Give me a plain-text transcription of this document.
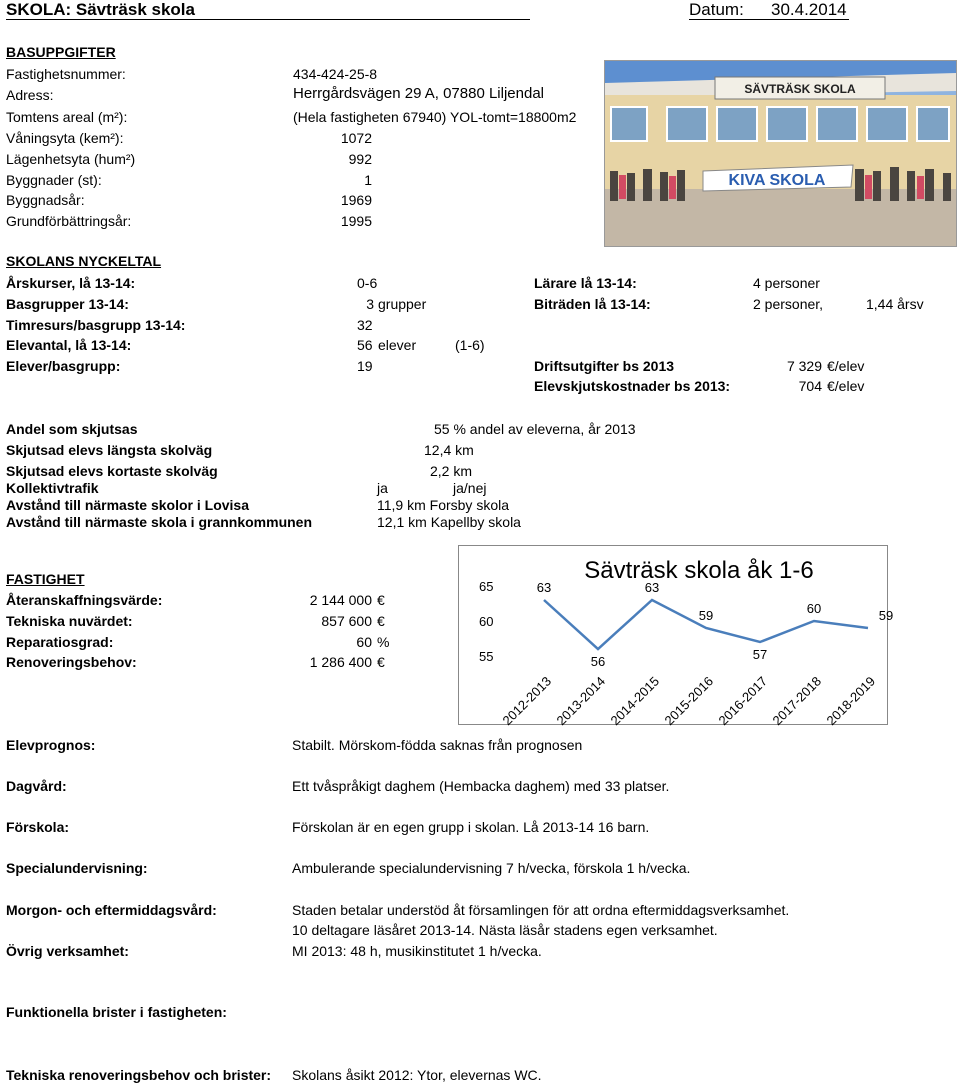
SKOLA: Sävträsk skola	Datum: 30.4.2014
BASUPPGIFTER
Fastighetsnummer:	434-424-25-8
Adress:	Herrgårdsvägen 29 A, 07880 Liljendal
Tomtens areal (m²):	(Hela fastigheten 67940) YOL-tomt=18800m2
Våningsyta (kem²):	1072
Lägenhetsyta (hum²)	992
Byggnader (st):	1
Byggnadsår:	1969
Grundförbättringsår:	1995
SÄVTRÄSK SKOLA
KIVA SKOLA
SKOLANS NYCKELTAL
Årskurser, lå 13-14:	0-6
Basgrupper 13-14:	3 grupper
Timresurs/basgrupp 13-14:	32
Elevantal, lå 13-14:	56 elever	(1-6)
Elever/basgrupp:	19
Lärare lå 13-14:	4 personer
Biträden lå 13-14:	2 personer,	1,44 årsv
Driftsutgifter bs 2013	7 329 €/elev
Elevskjutskostnader bs 2013:	704 €/elev
Andel som skjutsas	55 % andel av eleverna, år 2013
Skjutsad elevs längsta skolväg	12,4 km
Skjutsad elevs kortaste skolväg	2,2 km
Kollektivtrafik	ja	ja/nej
Avstånd till närmaste skolor i Lovisa	11,9 km Forsby skola
Avstånd till närmaste skola i grannkommunen	12,1 km Kapellby skola
FASTIGHET
Återanskaffningsvärde:	2 144 000 €
Tekniska nuvärdet:	857 600 €
Reparatiosgrad:	60 %
Renoveringsbehov:	1 286 400 €
Sävträsk skola åk 1-6
65
60
55
63
56
63
59
57
60	59
2012-2013 2013-2014 2014-2015 2015-2016 2016-2017 2017-2018 2018-2019
Elevprognos:	Stabilt. Mörskom-födda saknas från prognosen
Dagvård:	Ett tvåspråkigt daghem (Hembacka daghem) med 33 platser.
Förskola:	Förskolan är en egen grupp i skolan. Lå 2013-14 16 barn.
Specialundervisning:	Ambulerande specialundervisning 7 h/vecka, förskola 1 h/vecka.
Morgon- och eftermiddagsvård:	Staden betalar understöd åt församlingen för att ordna eftermiddagsverksamhet.
10 deltagare läsåret 2013-14. Nästa läsår stadens egen verksamhet.
Övrig verksamhet:	MI 2013: 48 h, musikinstitutet 1 h/vecka.
Funktionella brister i fastigheten:
Tekniska renoveringsbehov och brister: Skolans åsikt 2012: Ytor, elevernas WC.
